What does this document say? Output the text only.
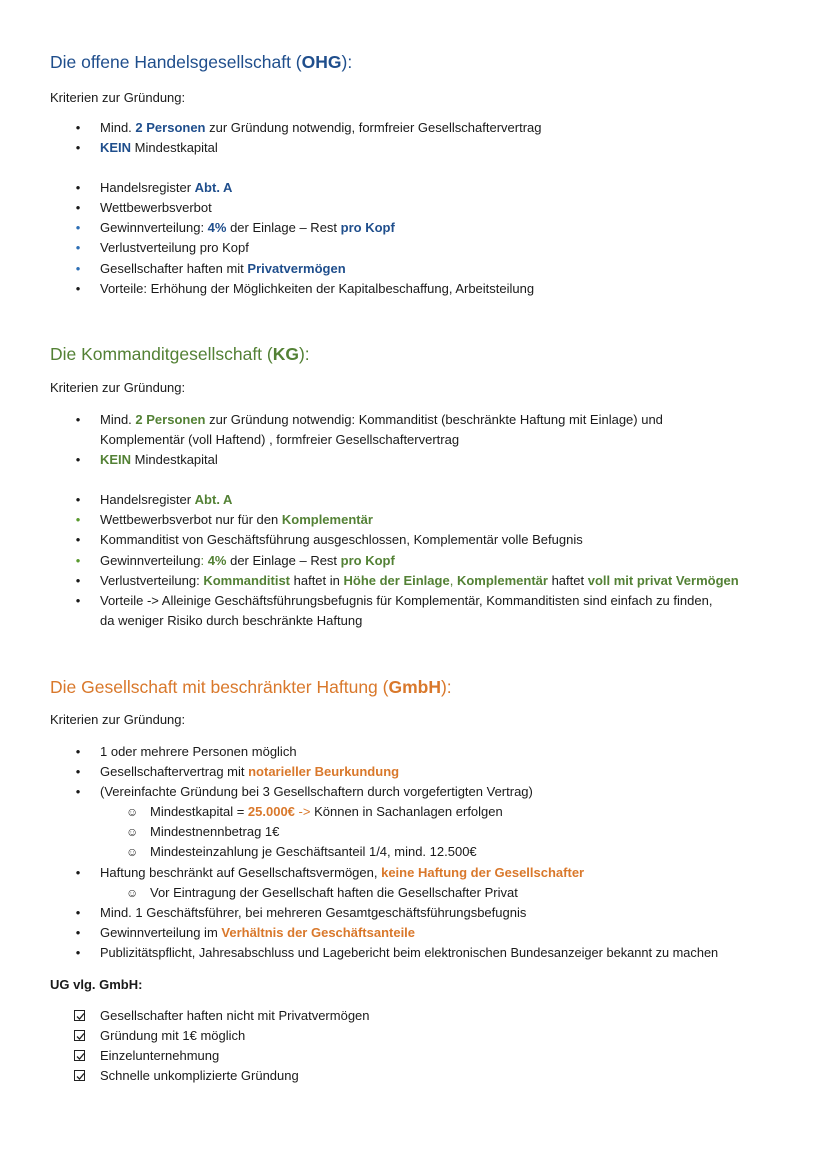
Die offene Handelsgesellschaft (OHG):
Kriterien zur Gründung:
• Mind. 2 Personen zur Gründung notwendig, formfreier Gesellschaftervertrag
• KEIN Mindestkapital
• Handelsregister Abt. A
• Wettbewerbsverbot
• Gewinnverteilung: 4% der Einlage – Rest pro Kopf
• Verlustverteilung pro Kopf
• Gesellschafter haften mit Privatvermögen
• Vorteile: Erhöhung der Möglichkeiten der Kapitalbeschaffung, Arbeitsteilung
Die Kommanditgesellschaft (KG):
Kriterien zur Gründung:
• Mind. 2 Personen zur Gründung notwendig: Kommanditist (beschränkte Haftung mit Einlage) und
Komplementär (voll Haftend) , formfreier Gesellschaftervertrag
• KEIN Mindestkapital
• Handelsregister Abt. A
• Wettbewerbsverbot nur für den Komplementär
• Kommanditist von Geschäftsführung ausgeschlossen, Komplementär volle Befugnis
• Gewinnverteilung: 4% der Einlage – Rest pro Kopf
• Verlustverteilung: Kommanditist haftet in Höhe der Einlage, Komplementär haftet voll mit privat Vermögen
• Vorteile -> Alleinige Geschäftsführungsbefugnis für Komplementär, Kommanditisten sind einfach zu finden,
da weniger Risiko durch beschränkte Haftung
Die Gesellschaft mit beschränkter Haftung (GmbH):
Kriterien zur Gründung:
• 1 oder mehrere Personen möglich
• Gesellschaftervertrag mit notarieller Beurkundung
• (Vereinfachte Gründung bei 3 Gesellschaftern durch vorgefertigten Vertrag)
☺ Mindestkapital = 25.000€ -> Können in Sachanlagen erfolgen
☺ Mindestnennbetrag 1€
☺ Mindesteinzahlung je Geschäftsanteil 1/4, mind. 12.500€
• Haftung beschränkt auf Gesellschaftsvermögen, keine Haftung der Gesellschafter
☺ Vor Eintragung der Gesellschaft haften die Gesellschafter Privat
• Mind. 1 Geschäftsführer, bei mehreren Gesamtgeschäftsführungsbefugnis
• Gewinnverteilung im Verhältnis der Geschäftsanteile
• Publizitätspflicht, Jahresabschluss und Lagebericht beim elektronischen Bundesanzeiger bekannt zu machen
UG vlg. GmbH:
Gesellschafter haften nicht mit Privatvermögen
Gründung mit 1€ möglich
Einzelunternehmung
Schnelle unkomplizierte Gründung
